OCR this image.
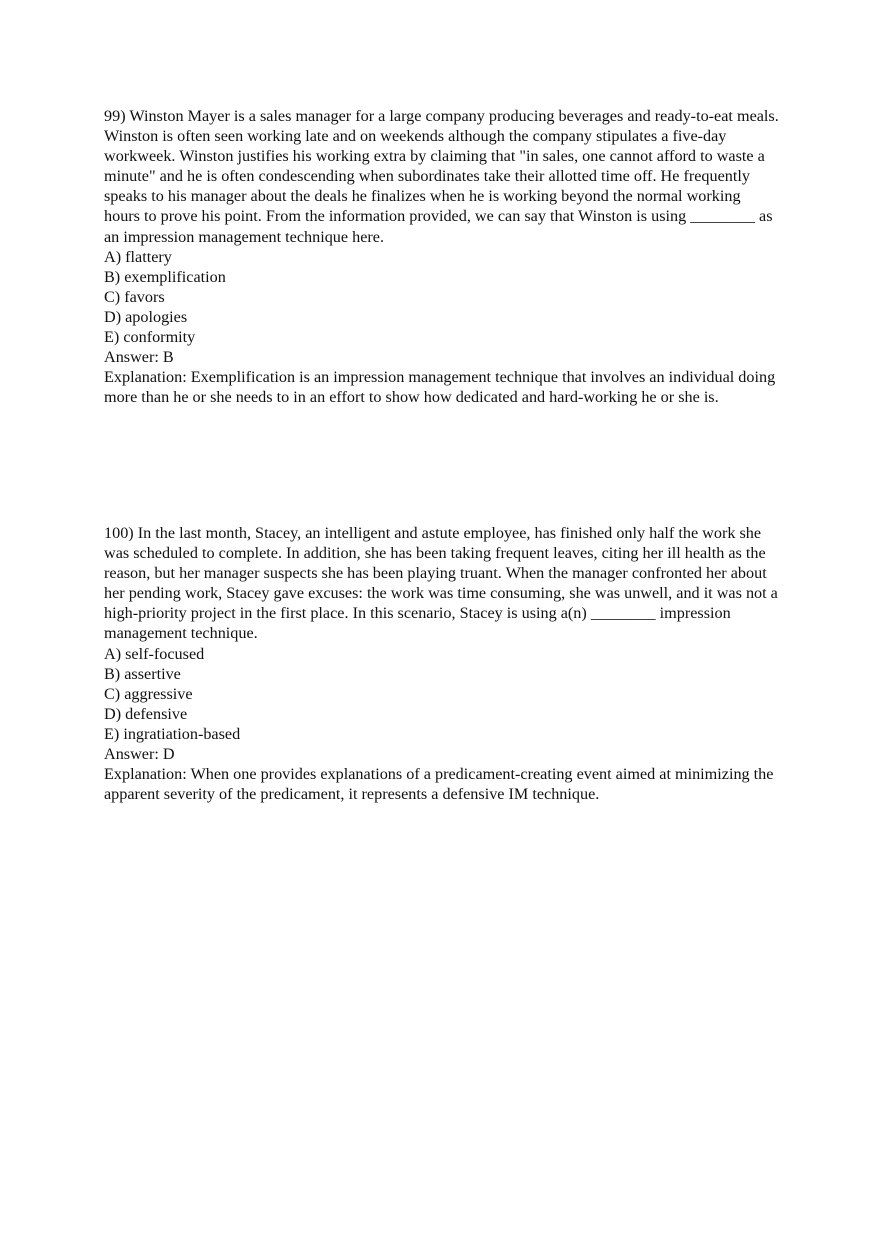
99) Winston Mayer is a sales manager for a large company producing beverages and ready-to-eat meals. Winston is often seen working late and on weekends although the company stipulates a five-day workweek. Winston justifies his working extra by claiming that "in sales, one cannot afford to waste a minute" and he is often condescending when subordinates take their allotted time off. He frequently speaks to his manager about the deals he finalizes when he is working beyond the normal working hours to prove his point. From the information provided, we can say that Winston is using ________ as an impression management technique here.

A) flattery
B) exemplification
C) favors
D) apologies
E) conformity

Answer: B

Explanation: Exemplification is an impression management technique that involves an individual doing more than he or she needs to in an effort to show how dedicated and hard-working he or she is.

100) In the last month, Stacey, an intelligent and astute employee, has finished only half the work she was scheduled to complete. In addition, she has been taking frequent leaves, citing her ill health as the reason, but her manager suspects she has been playing truant. When the manager confronted her about her pending work, Stacey gave excuses: the work was time consuming, she was unwell, and it was not a high-priority project in the first place. In this scenario, Stacey is using a(n) ________ impression management technique.

A) self-focused
B) assertive
C) aggressive
D) defensive
E) ingratiation-based

Answer: D

Explanation: When one provides explanations of a predicament-creating event aimed at minimizing the apparent severity of the predicament, it represents a defensive IM technique.
